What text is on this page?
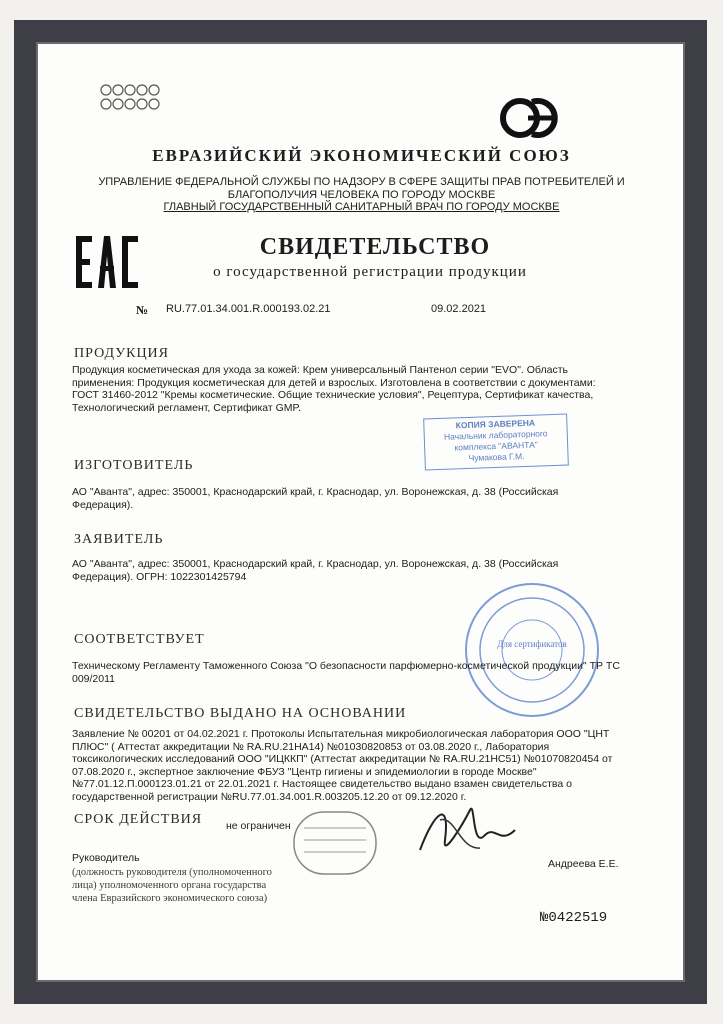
ЕВРАЗИЙСКИЙ ЭКОНОМИЧЕСКИЙ СОЮЗ
УПРАВЛЕНИЕ ФЕДЕРАЛЬНОЙ СЛУЖБЫ ПО НАДЗОРУ В СФЕРЕ ЗАЩИТЫ ПРАВ ПОТРЕБИТЕЛЕЙ И
БЛАГОПОЛУЧИЯ ЧЕЛОВЕКА ПО ГОРОДУ МОСКВЕ
ГЛАВНЫЙ ГОСУДАРСТВЕННЫЙ САНИТАРНЫЙ ВРАЧ ПО ГОРОДУ МОСКВЕ
СВИДЕТЕЛЬСТВО
о государственной регистрации продукции
№	RU.77.01.34.001.R.000193.02.21	09.02.2021
ПРОДУКЦИЯ
Продукция косметическая для ухода за кожей: Крем универсальный Пантенол серии "EVO". Область применения: Продукция косметическая для детей и взрослых. Изготовлена в соответствии с документами: ГОСТ 31460-2012 "Кремы косметические. Общие технические условия", Рецептура, Сертификат качества, Технологический регламент, Сертификат GMP.
КОПИЯ ЗАВЕРЕНА
Начальник лабораторного
комплекса "АВАНТА"
Чумакова Г.М.
ИЗГОТОВИТЕЛЬ
АО "Аванта", адрес: 350001, Краснодарский край, г. Краснодар, ул. Воронежская, д. 38 (Российская Федерация).
ЗАЯВИТЕЛЬ
АО "Аванта", адрес: 350001, Краснодарский край, г. Краснодар, ул. Воронежская, д. 38 (Российская Федерация). ОГРН: 1022301425794
Для сертификатов
СООТВЕТСТВУЕТ
Техническому Регламенту Таможенного Союза "О безопасности парфюмерно-косметической продукции" ТР ТС 009/2011
СВИДЕТЕЛЬСТВО ВЫДАНО НА ОСНОВАНИИ
Заявление № 00201 от 04.02.2021 г. Протоколы Испытательная микробиологическая лаборатория ООО "ЦНТ ПЛЮС" ( Аттестат аккредитации № RA.RU.21НА14) №01030820853 от 03.08.2020 г., Лаборатория токсикологических исследований ООО "ИЦККП" (Аттестат аккредитации № RA.RU.21HC51) №01070820454 от 07.08.2020 г., экспертное заключение ФБУЗ "Центр гигиены и эпидемиологии в городе Москве" №77.01.12.П.000123.01.21 от 22.01.2021 г. Настоящее свидетельство выдано взамен свидетельства о государственной регистрации №RU.77.01.34.001.R.003205.12.20 от 09.12.2020 г.
СРОК ДЕЙСТВИЯ не ограничен
Руководитель	Андреева Е.Е.
(должность руководителя (уполномоченного
лица) уполномоченного органа государства
члена Евразийского экономического союза)
№0422519
